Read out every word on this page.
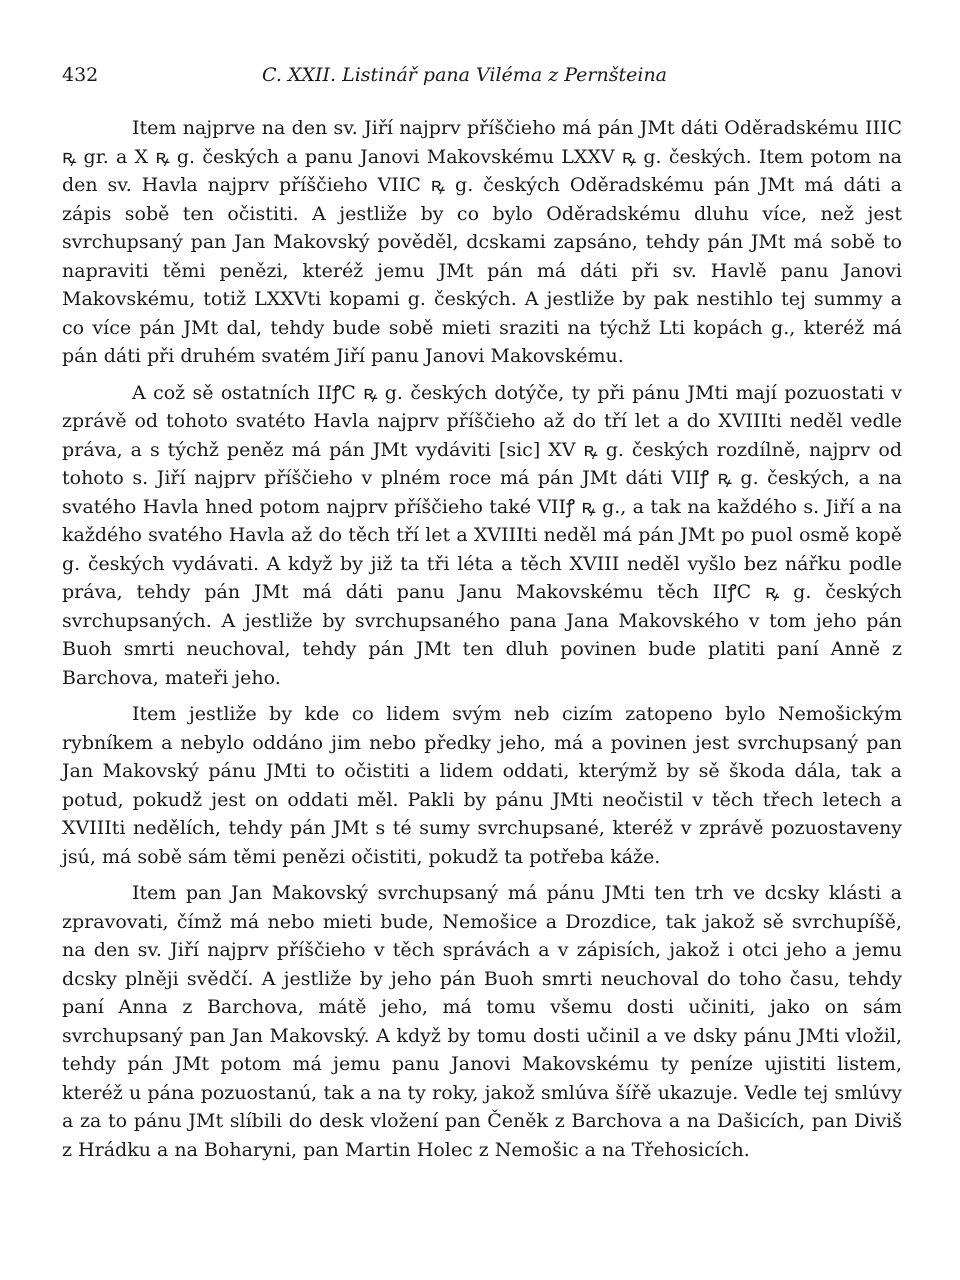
432	C. XXII. Listinář pana Viléma z Pernšteina

Item najprve na den sv. Jiří najprv příščieho má pán JMt dáti Oděradskému IIIC ꝶ gr. a X ꝶ g. českých a panu Janovi Makovskému LXXV ꝶ g. českých. Item potom na den sv. Havla najprv příščieho VIIC ꝶ g. českých Oděradskému pán JMt má dáti a zápis sobě ten očistiti. A jestliže by co bylo Oděradskému dluhu více, než jest svrchupsaný pan Jan Makovský pověděl, dcskami zapsáno, tehdy pán JMt má sobě to napraviti těmi penězi, kteréž jemu JMt pán má dáti při sv. Havlě panu Janovi Makovskému, totiž LXXVti kopami g. českých. A jestliže by pak nestihlo tej summy a co více pán JMt dal, tehdy bude sobě mieti sraziti na týchž Lti kopách g., kteréž má pán dáti při druhém svatém Jiří panu Janovi Makovskému.

A což sě ostatních IIꝭC ꝶ g. českých dotýče, ty při pánu JMti mají pozuostati v zprávě od tohoto svatéto Havla najprv příščieho až do tří let a do XVIIIti neděl vedle práva, a s týchž peněz má pán JMt vydáviti [sic] XV ꝶ g. českých rozdílně, najprv od tohoto s. Jiří najprv příščieho v plném roce má pán JMt dáti VIIꝭ ꝶ g. českých, a na svatého Havla hned potom najprv příščieho také VIIꝭ ꝶ g., a tak na každého s. Jiří a na každého svatého Havla až do těch tří let a XVIIIti neděl má pán JMt po puol osmě kopě g. českých vydávati. A když by již ta tři léta a těch XVIII neděl vyšlo bez nářku podle práva, tehdy pán JMt má dáti panu Janu Makovskému těch IIꝭC ꝶ g. českých svrchupsaných. A jestliže by svrchupsaného pana Jana Makovského v tom jeho pán Buoh smrti neuchoval, tehdy pán JMt ten dluh povinen bude platiti paní Anně z Barchova, mateři jeho.

Item jestliže by kde co lidem svým neb cizím zatopeno bylo Nemošickým rybníkem a nebylo oddáno jim nebo předky jeho, má a povinen jest svrchupsaný pan Jan Makovský pánu JMti to očistiti a lidem oddati, kterýmž by sě škoda dála, tak a potud, pokudž jest on oddati měl. Pakli by pánu JMti neočistil v těch třech letech a XVIIIti nedělích, tehdy pán JMt s té sumy svrchupsané, kteréž v zprávě pozuostaveny jsú, má sobě sám těmi penězi očistiti, pokudž ta potřeba káže.

Item pan Jan Makovský svrchupsaný má pánu JMti ten trh ve dcsky klásti a zpravovati, čímž má nebo mieti bude, Nemošice a Drozdice, tak jakož sě svrchupíšě, na den sv. Jiří najprv příščieho v těch správách a v zápisích, jakož i otci jeho a jemu dcsky plněji svědčí. A jestliže by jeho pán Buoh smrti neuchoval do toho času, tehdy paní Anna z Barchova, mátě jeho, má tomu všemu dosti učiniti, jako on sám svrchupsaný pan Jan Makovský. A když by tomu dosti učinil a ve dsky pánu JMti vložil, tehdy pán JMt potom má jemu panu Janovi Makovskému ty peníze ujistiti listem, kteréž u pána pozuostanú, tak a na ty roky, jakož smlúva šířě ukazuje. Vedle tej smlúvy a za to pánu JMt slíbili do desk vložení pan Čeněk z Barchova a na Dašicích, pan Diviš z Hrádku a na Boharyni, pan Martin Holec z Nemošic a na Třehosicích.
